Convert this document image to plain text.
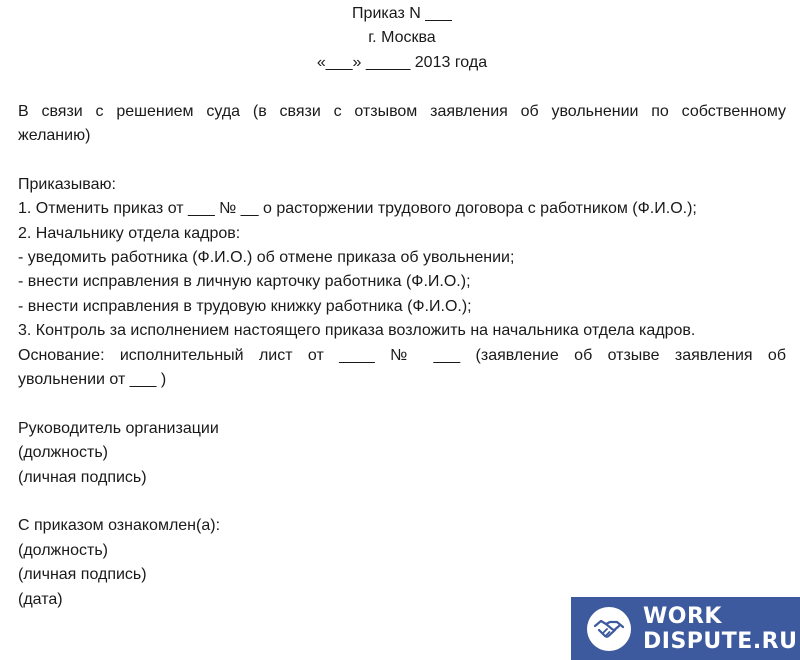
Приказ N ___
г. Москва
«___» _____ 2013 года
В связи с решением суда (в связи с отзывом заявления об увольнении по собственному
желанию)
Приказываю:
1. Отменить приказ от ___ № __ о расторжении трудового договора с работником (Ф.И.О.);
2. Начальнику отдела кадров:
- уведомить работника (Ф.И.О.) об отмене приказа об увольнении;
- внести исправления в личную карточку работника (Ф.И.О.);
- внести исправления в трудовую книжку работника (Ф.И.О.);
3. Контроль за исполнением настоящего приказа возложить на начальника отдела кадров.
Основание: исполнительный лист от ____ № ___ (заявление об отзыве заявления об
увольнении от ___ )
Руководитель организации
(должность)
(личная подпись)
С приказом ознакомлен(а):
(должность)
(личная подпись)
(дата)
WORK
DISPUTE.RU
